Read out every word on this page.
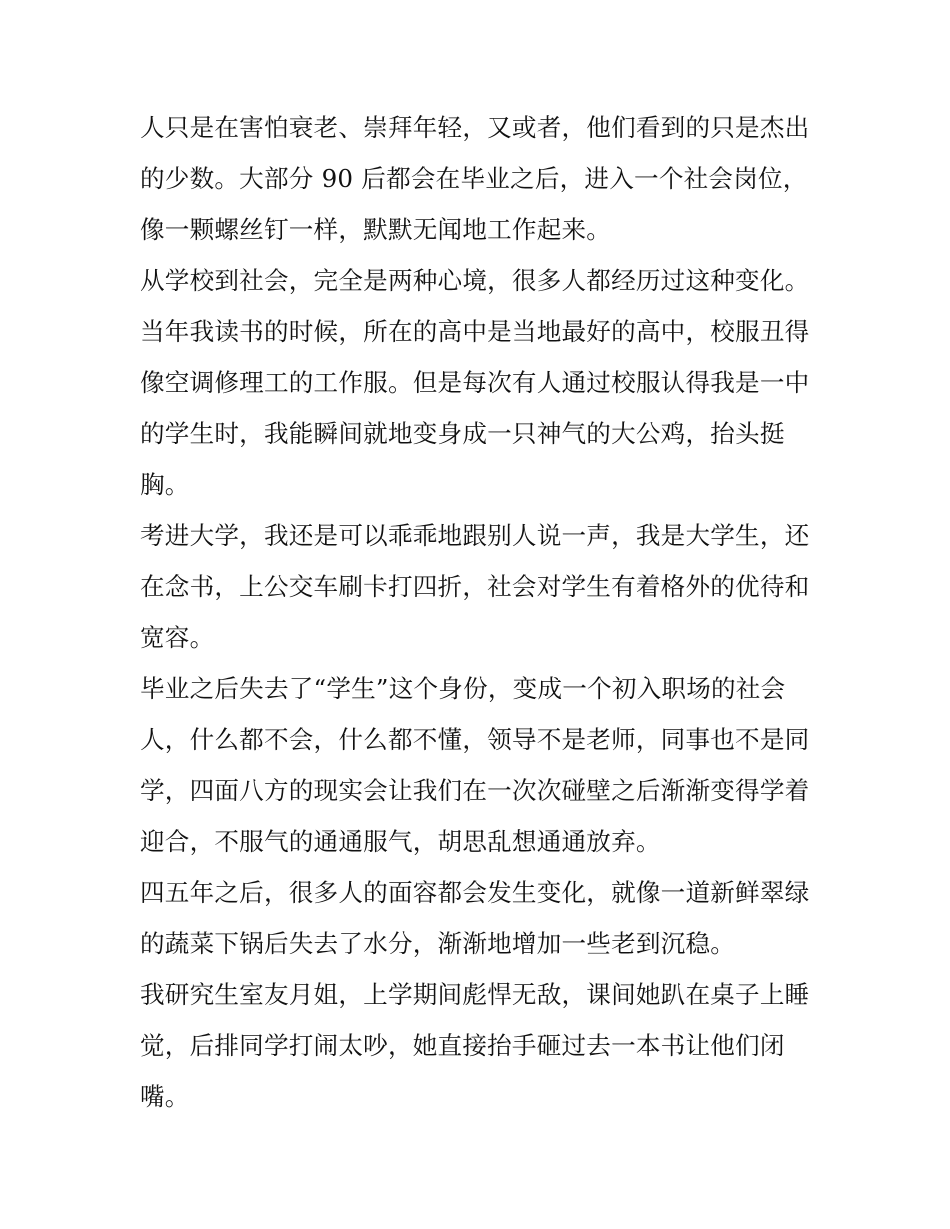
人只是在害怕衰老、崇拜年轻，又或者，他们看到的只是杰出
的少数。大部分 90 后都会在毕业之后，进入一个社会岗位，
像一颗螺丝钉一样，默默无闻地工作起来。
从学校到社会，完全是两种心境，很多人都经历过这种变化。
当年我读书的时候，所在的高中是当地最好的高中，校服丑得
像空调修理工的工作服。但是每次有人通过校服认得我是一中
的学生时，我能瞬间就地变身成一只神气的大公鸡，抬头挺
胸。
考进大学，我还是可以乖乖地跟别人说一声，我是大学生，还
在念书，上公交车刷卡打四折，社会对学生有着格外的优待和
宽容。
毕业之后失去了“学生”这个身份，变成一个初入职场的社会
人，什么都不会，什么都不懂，领导不是老师，同事也不是同
学，四面八方的现实会让我们在一次次碰壁之后渐渐变得学着
迎合，不服气的通通服气，胡思乱想通通放弃。
四五年之后，很多人的面容都会发生变化，就像一道新鲜翠绿
的蔬菜下锅后失去了水分，渐渐地增加一些老到沉稳。
我研究生室友月姐，上学期间彪悍无敌，课间她趴在桌子上睡
觉，后排同学打闹太吵，她直接抬手砸过去一本书让他们闭
嘴。
